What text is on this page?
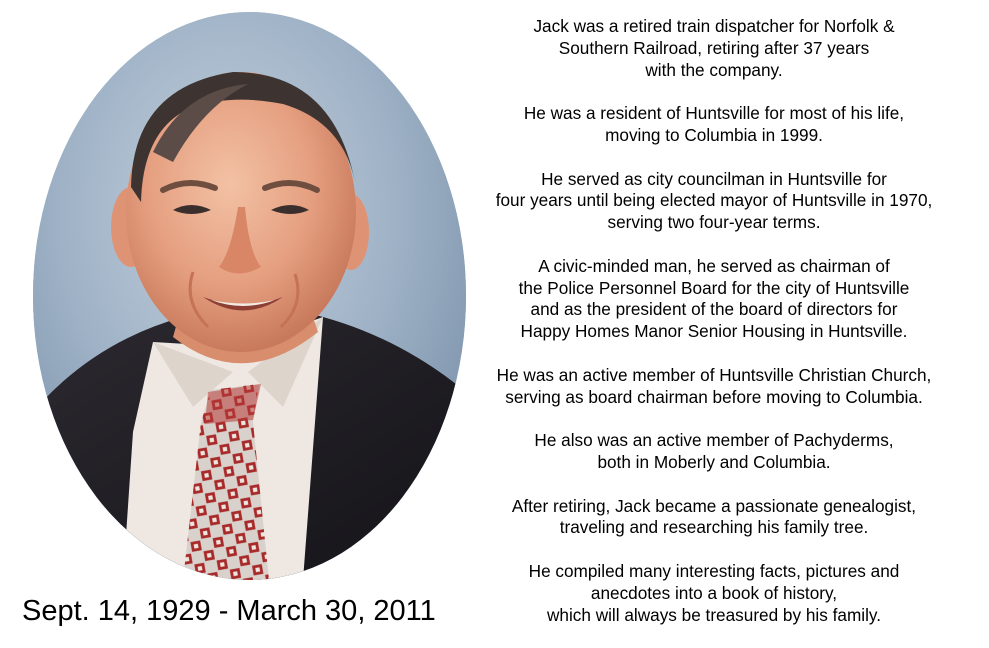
Sept. 14, 1929 - March 30, 2011

Jack was a retired train dispatcher for Norfolk &
Southern Railroad, retiring after 37 years
with the company.

He was a resident of Huntsville for most of his life,
moving to Columbia in 1999.

He served as city councilman in Huntsville for
four years until being elected mayor of Huntsville in 1970,
serving two four-year terms.

A civic-minded man, he served as chairman of
the Police Personnel Board for the city of Huntsville
and as the president of the board of directors for
Happy Homes Manor Senior Housing in Huntsville.

He was an active member of Huntsville Christian Church,
serving as board chairman before moving to Columbia.

He also was an active member of Pachyderms,
both in Moberly and Columbia.

After retiring, Jack became a passionate genealogist,
traveling and researching his family tree.

He compiled many interesting facts, pictures and
anecdotes into a book of history,
which will always be treasured by his family.
